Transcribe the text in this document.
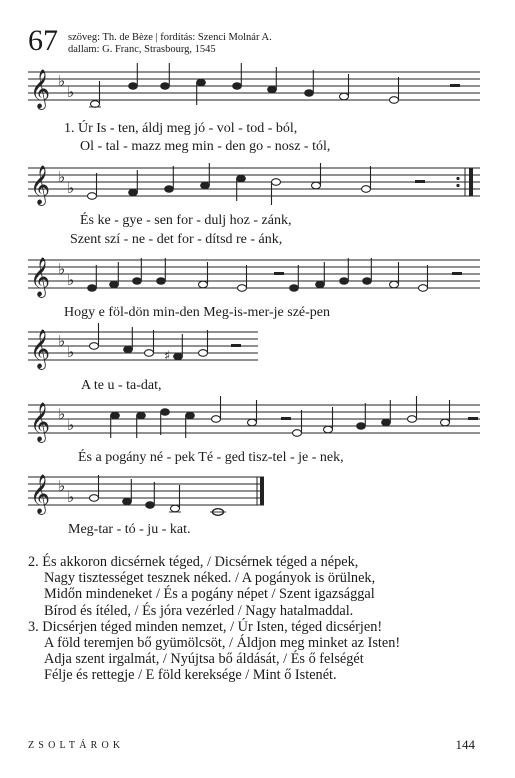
67 szöveg: Th. de Bèze | fordítás: Szenci Molnár A.
dallam: G. Franc, Strasbourg, 1545
𝄞 ♭
♭
1. Úr Is - ten, áldj meg jó - vol - tod - ból,
Ol - tal - mazz meg min - den go - nosz - tól,
𝄞 ♭
♭
És ke - gye - sen for - dulj hoz - zánk,
Szent szí - ne - det for - dítsd re - ánk,
𝄞 ♭
♭
Hogy e föl-dön min-den Meg-is-mer-je szé-pen
𝄞 ♭
♭	♯
A te u - ta-dat,
𝄞 ♭
♭
És a pogány né - pek Té - ged tisz-tel - je - nek,
𝄞 ♭
♭
Meg-tar - tó - ju - kat.
2. És akkoron dicsérnek téged, / Dicsérnek téged a népek,
Nagy tisztességet tesznek néked. / A pogányok is örülnek,
Midőn mindeneket / És a pogány népet / Szent igazsággal
Bírod és ítéled, / És jóra vezérled / Nagy hatalmaddal.
3. Dicsérjen téged minden nemzet, / Úr Isten, téged dicsérjen!
A föld teremjen bő gyümölcsöt, / Áldjon meg minket az Isten!
Adja szent irgalmát, / Nyújtsa bő áldását, / És ő felségét
Félje és rettegje / E föld kereksége / Mint ő Istenét.
ZSOLTÁROK	144
